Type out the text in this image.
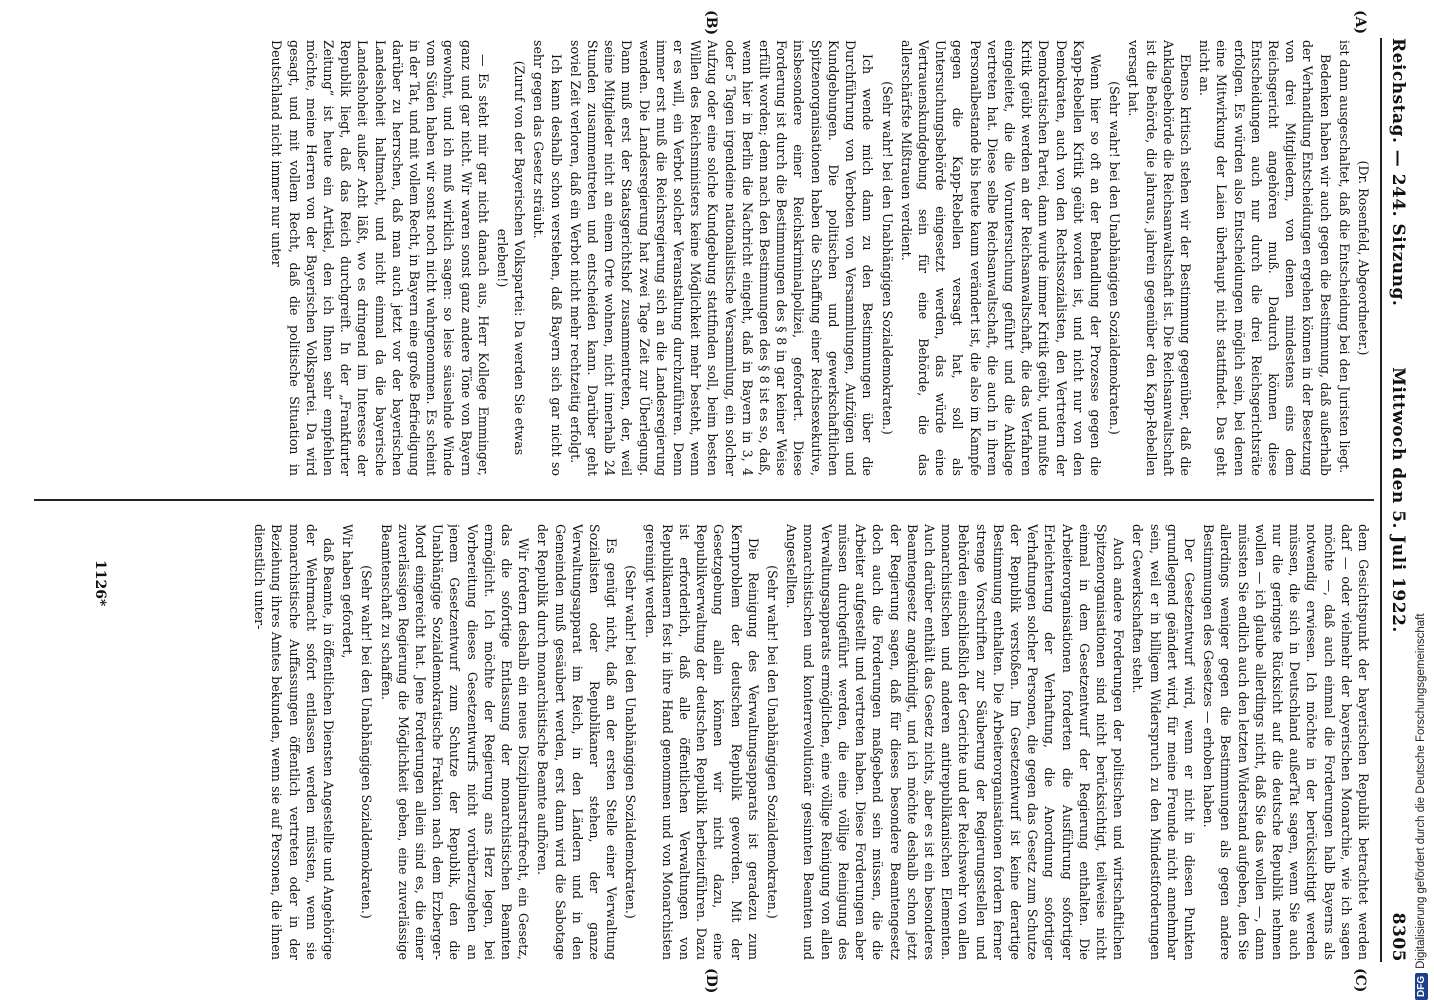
Reichstag. — 244. Sitzung.
Mittwoch den 5. Juli 1922.
8305
(A)
(B)
(C)
(D)

(Dr. Rosenfeld, Abgeordneter.)

ist dann ausgeschaltet, daß die Entscheidung bei den Juristen liegt.

Bedenken haben wir auch gegen die Bestimmung, daß außerhalb der Verhandlung Entscheidungen ergehen können in der Besetzung von drei Mitgliedern, von denen mindestens eins dem Reichsgericht angehören muß. Dadurch können diese Entscheidungen auch nur durch die drei Reichsgerichtsräte erfolgen. Es würden also Entscheidungen möglich sein, bei denen eine Mitwirkung der Laien überhaupt nicht stattfindet. Das geht nicht an.

Ebenso kritisch stehen wir der Bestimmung gegenüber, daß die Anklagebehörde die Reichsanwaltschaft ist. Die Reichsanwaltschaft ist die Behörde, die jahraus, jahrein gegenüber den Kapp-Rebellen versagt hat.

(Sehr wahr! bei den Unabhängigen Sozialdemokraten.)

Wenn hier so oft an der Behandlung der Prozesse gegen die Kapp-Rebellen Kritik geübt worden ist, und nicht nur von den Demokraten, auch von den Rechtssozialisten, den Vertretern der Demokratischen Partei, dann wurde immer Kritik geübt, und mußte Kritik geübt werden an der Reichsanwaltschaft, die das Verfahren eingeleitet, die die Voruntersuchung geführt und die Anklage vertreten hat. Diese selbe Reichsanwaltschaft, die auch in ihrem Personalbestande bis heute kaum verändert ist, die also im Kampfe gegen die Kapp-Rebellen versagt hat, soll als Untersuchungsbehörde eingesetzt werden, das würde eine Vertrauenskundgebung sein für eine Behörde, die das allerschärfste Mißtrauen verdient.

(Sehr wahr! bei den Unabhängigen Sozialdemokraten.)

Ich wende mich dann zu den Bestimmungen über die Durchführung von Verboten von Versammlungen, Aufzügen und Kundgebungen. Die politischen und gewerkschaftlichen Spitzenorganisationen haben die Schaffung einer Reichsexekutive, insbesondere einer Reichskriminalpolizei, gefordert. Diese Forderung ist durch die Bestimmungen des § 8 in gar keiner Weise erfüllt worden; denn nach den Bestimmungen des § 8 ist es so, daß, wenn hier in Berlin die Nachricht eingeht, daß in Bayern in 3, 4 oder 5 Tagen irgendeine nationalistische Versammlung, ein solcher Aufzug oder eine solche Kundgebung stattfinden soll, beim besten Willen des Reichsministers keine Möglichkeit mehr besteht, wenn er es will, ein Verbot solcher Veranstaltung durchzuführen. Denn immer erst muß die Reichsregierung sich an die Landesregierung wenden. Die Landesregierung hat zwei Tage Zeit zur Überlegung. Dann muß erst der Staatsgerichtshof zusammentreten, der, weil seine Mitglieder nicht an einem Orte wohnen, nicht innerhalb 24 Stunden zusammentreten und entscheiden kann. Darüber geht soviel Zeit verloren, daß ein Verbot nicht mehr rechtzeitig erfolgt.

Ich kann deshalb schon verstehen, daß Bayern sich gar nicht so sehr gegen das Gesetz sträubt.

(Zuruf von der Bayerischen Volkspartei: Da werden Sie etwas erleben!)

— Es steht mir gar nicht danach aus, Herr Kollege Emminger, ganz und gar nicht. Wir waren sonst ganz andere Töne von Bayern gewohnt, und ich muß wirklich sagen: so leise säuselnde Winde vom Süden haben wir sonst noch nicht wahrgenommen. Es scheint in der Tat, und mit vollem Recht, in Bayern eine große Befriedigung darüber zu herrschen, daß man auch jetzt vor der bayerischen Landeshoheit haltmacht, und nicht einmal da die bayerische Landeshoheit außer Acht läßt, wo es dringend im Interesse der Republik liegt, daß das Reich durchgreift. In der „Frankfurter Zeitung“ ist heute ein Artikel, den ich Ihnen sehr empfehlen möchte, meine Herren von der Bayerischen Volkspartei. Da wird gesagt, und mit vollem Recht, daß die politische Situation in Deutschland nicht immer nur unter

dem Gesichtspunkt der bayerischen Republik betrachtet werden darf — oder vielmehr der bayerischen Monarchie, wie ich sagen möchte —, daß auch einmal die Forderungen halb Bayerns als notwendig erwiesen. Ich möchte in der berücksichtigt werden müssen, die sich in Deutschland außerTat sagen, wenn Sie auch nur die geringste Rücksicht auf die deutsche Republik nehmen wollen — ich glaube allerdings nicht, daß Sie das wollen —, dann müssten Sie endlich auch den letzten Widerstand aufgeben, den Sie allerdings weniger gegen die Bestimmungen als gegen andere Bestimmungen des Gesetzes — erhoben haben.

Der Gesetzentwurf wird, wenn er nicht in diesen Punkten grundlegend geändert wird, für meine Freunde nicht annehmbar sein, weil er in billigem Widerspruch zu den Mindestforderungen der Gewerkschaften steht.

Auch andere Forderungen der politischen und wirtschaftlichen Spitzenorganisationen sind nicht berücksichtigt, teilweise nicht einmal in dem Gesetzentwurf der Regierung enthalten. Die Arbeiterorganisationen forderten die Ausführung sofortiger Erleichterung der Verhaftung, die Anordnung sofortiger Verhaftungen solcher Personen, die gegen das Gesetz zum Schutze der Republik verstoßen. Im Gesetzentwurf ist keine derartige Bestimmung enthalten. Die Arbeiterorganisationen fordern ferner strenge Vorschriften zur Säuberung der Regierungsstellen und Behörden einschließlich der Gerichte und der Reichswehr von allen monarchistischen und anderen antirepublikanischen Elementen. Auch darüber enthält das Gesetz nichts, aber es ist ein besonderes Beamtengesetz angekündigt, und ich möchte deshalb schon jetzt der Regierung sagen, daß für dieses besondere Beamtengesetz doch auch die Forderungen maßgebend sein müssen, die die Arbeiter aufgestellt und vertreten haben. Diese Forderungen aber müssen durchgeführt werden, die eine völlige Reinigung des Verwaltungsapparats ermöglichen, eine völlige Reinigung von allen monarchistischen und konterrevolutionär gesinnten Beamten und Angestellten.

(Sehr wahr! bei den Unabhängigen Sozialdemokraten.)

Die Reinigung des Verwaltungsapparats ist geradezu zum Kernproblem der deutschen Republik geworden. Mit der Gesetzgebung allein können wir nicht dazu, eine Republikverwaltung der deutschen Republik herbeizuführen. Dazu ist erforderlich, daß alle öffentlichen Verwaltungen von Republikanern fest in ihre Hand genommen und von Monarchisten gereinigt werden.

(Sehr wahr! bei den Unabhängigen Sozialdemokraten.)

Es genügt nicht, daß an der ersten Stelle einer Verwaltung Sozialisten oder Republikaner stehen, der ganze Verwaltungsapparat im Reich, in den Ländern und in den Gemeinden muß gesäubert werden, erst dann wird die Sabotage der Republik durch monarchistische Beamte aufhören.

Wir fordern deshalb ein neues Disziplinarstrafrecht, ein Gesetz, das die sofortige Entlassung der monarchistischen Beamten ermöglicht. Ich möchte der Regierung ans Herz legen, bei Vorbereitung dieses Gesetzentwurfs nicht vorüberzugehen an jenem Gesetzentwurf zum Schutze der Republik, den die Unabhängige Sozialdemokratische Fraktion nach dem Erzberger-Mord eingereicht hat. Jene Forderungen allein sind es, die einer zuverlässigen Regierung die Möglichkeit geben, eine zuverlässige Beamtenschaft zu schaffen.

(Sehr wahr! bei den Unabhängigen Sozialdemokraten.)

Wir haben gefordert,

daß Beamte, in öffentlichen Diensten Angestellte und Angehörige der Wehrmacht sofort entlassen werden müssten, wenn sie monarchistische Auffassungen öffentlich vertreten oder in der Beziehung ihres Amtes bekunden, wenn sie auf Personen, die ihnen dienstlich unter-

1126*
DFG
Digitalisierung gefördert durch die Deutsche Forschungsgemeinschaft
